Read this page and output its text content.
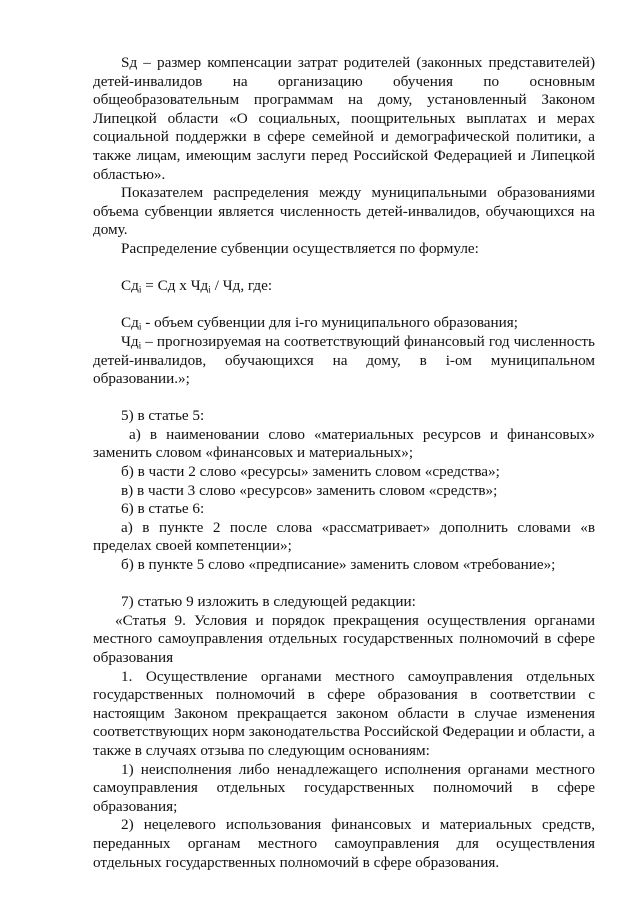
Sд – размер компенсации затрат родителей (законных представителей) детей-инвалидов на организацию обучения по основным общеобразовательным программам на дому, установленный Законом Липецкой области «О социальных, поощрительных выплатах и мерах социальной поддержки в сфере семейной и демографической политики, а также лицам, имеющим заслуги перед Российской Федерацией и Липецкой областью».

Показателем распределения между муниципальными образованиями объема субвенции является численность детей-инвалидов, обучающихся на дому.

Распределение субвенции осуществляется по формуле:

$Сд_i$ = Сд х $Чд_i$ / Чд, где:

$Сд_i$ - объем субвенции для i-го муниципального образования;

$Чд_i$ – прогнозируемая на соответствующий финансовый год численность детей-инвалидов, обучающихся на дому, в i-ом муниципальном образовании.»;

5) в статье 5:

а) в наименовании слово «материальных ресурсов и финансовых» заменить словом «финансовых и материальных»;

б) в части 2 слово «ресурсы» заменить словом «средства»;

в) в части 3 слово «ресурсов» заменить словом «средств»;

6) в статье 6:

а) в пункте 2 после слова «рассматривает» дополнить словами «в пределах своей компетенции»;

б) в пункте 5 слово «предписание» заменить словом «требование»;

7) статью 9 изложить в следующей редакции:

«Статья 9. Условия и порядок прекращения осуществления органами местного самоуправления отдельных государственных полномочий в сфере образования

1. Осуществление органами местного самоуправления отдельных государственных полномочий в сфере образования в соответствии с настоящим Законом прекращается законом области в случае изменения соответствующих норм законодательства Российской Федерации и области, а также в случаях отзыва по следующим основаниям:

1) неисполнения либо ненадлежащего исполнения органами местного самоуправления отдельных государственных полномочий в сфере образования;

2) нецелевого использования финансовых и материальных средств, переданных органам местного самоуправления для осуществления отдельных государственных полномочий в сфере образования.
